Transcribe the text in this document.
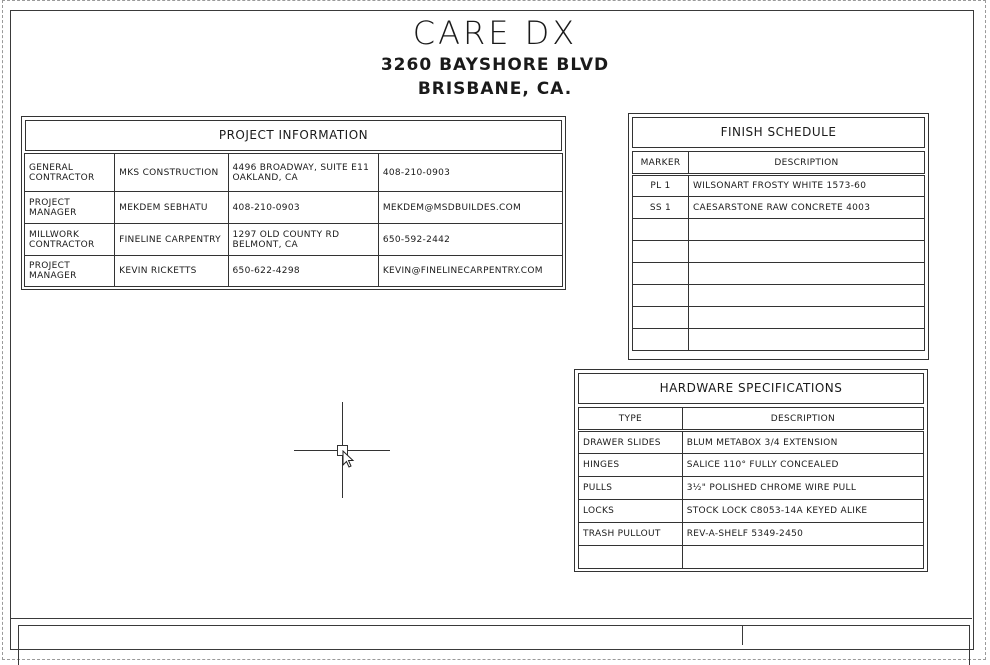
CARE DX
3260 BAYSHORE BLVD
BRISBANE, CA.
PROJECT INFORMATION
GENERAL CONTRACTOR	MKS CONSTRUCTION	4496 BROADWAY, SUITE E11 OAKLAND, CA	408-210-0903
PROJECT MANAGER	MEKDEM SEBHATU	408-210-0903	MEKDEM@MSDBUILDES.COM
MILLWORK CONTRACTOR	FINELINE CARPENTRY	1297 OLD COUNTY RD BELMONT, CA	650-592-2442
PROJECT MANAGER	KEVIN RICKETTS	650-622-4298	KEVIN@FINELINECARPENTRY.COM
FINISH SCHEDULE
MARKER	DESCRIPTION
PL 1	WILSONART FROSTY WHITE 1573-60
SS 1	CAESARSTONE RAW CONCRETE 4003

HARDWARE SPECIFICATIONS
TYPE	DESCRIPTION
DRAWER SLIDES	BLUM METABOX 3/4 EXTENSION
HINGES	SALICE 110° FULLY CONCEALED
PULLS	3½" POLISHED CHROME WIRE PULL
LOCKS	STOCK LOCK C8053-14A KEYED ALIKE
TRASH PULLOUT	REV-A-SHELF 5349-2450
